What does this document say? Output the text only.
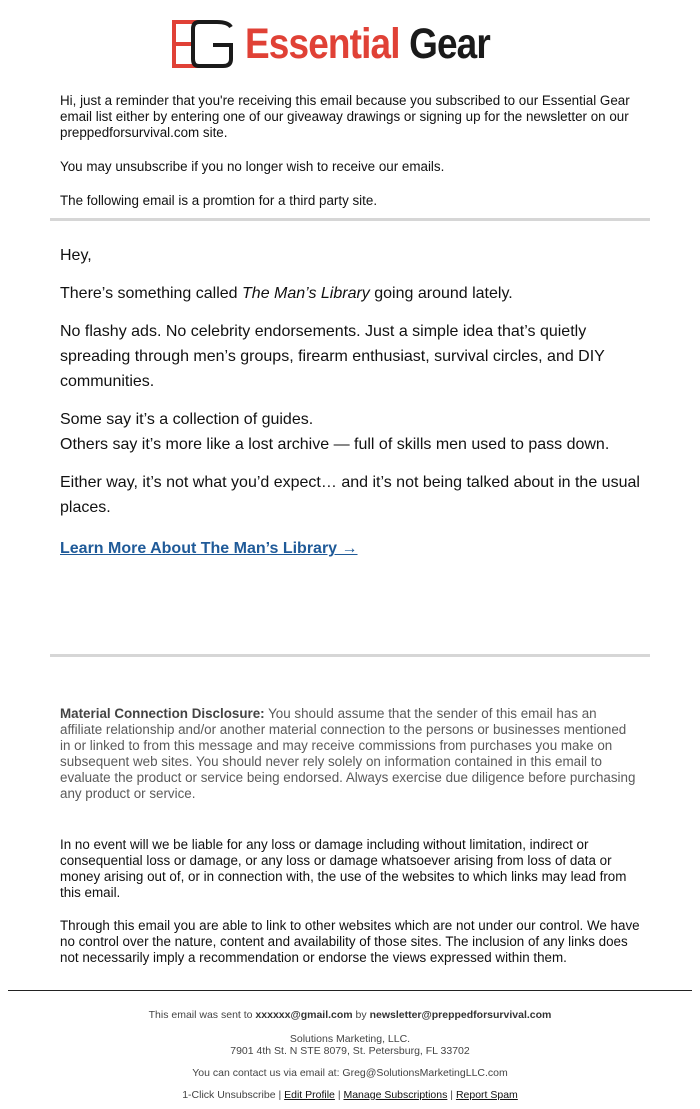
Essential Gear

Hi, just a reminder that you're receiving this email because you subscribed to our Essential Gear email list either by entering one of our giveaway drawings or signing up for the newsletter on our preppedforsurvival.com site.

You may unsubscribe if you no longer wish to receive our emails.

The following email is a promtion for a third party site.

Hey,

There’s something called The Man’s Library going around lately.

No flashy ads. No celebrity endorsements. Just a simple idea that’s quietly spreading through men’s groups, firearm enthusiast, survival circles, and DIY communities.

Some say it’s a collection of guides.
Others say it’s more like a lost archive — full of skills men used to pass down.

Either way, it’s not what you’d expect… and it’s not being talked about in the usual places.

Learn More About The Man’s Library →

Material Connection Disclosure: You should assume that the sender of this email has an affiliate relationship and/or another material connection to the persons or businesses mentioned in or linked to from this message and may receive commissions from purchases you make on subsequent web sites. You should never rely solely on information contained in this email to evaluate the product or service being endorsed. Always exercise due diligence before purchasing any product or service.

In no event will we be liable for any loss or damage including without limitation, indirect or consequential loss or damage, or any loss or damage whatsoever arising from loss of data or money arising out of, or in connection with, the use of the websites to which links may lead from this email.

Through this email you are able to link to other websites which are not under our control. We have no control over the nature, content and availability of those sites. The inclusion of any links does not necessarily imply a recommendation or endorse the views expressed within them.

This email was sent to xxxxxx@gmail.com by newsletter@preppedforsurvival.com
Solutions Marketing, LLC.
7901 4th St. N STE 8079, St. Petersburg, FL 33702
You can contact us via email at: Greg@SolutionsMarketingLLC.com
1-Click Unsubscribe | Edit Profile | Manage Subscriptions | Report Spam
